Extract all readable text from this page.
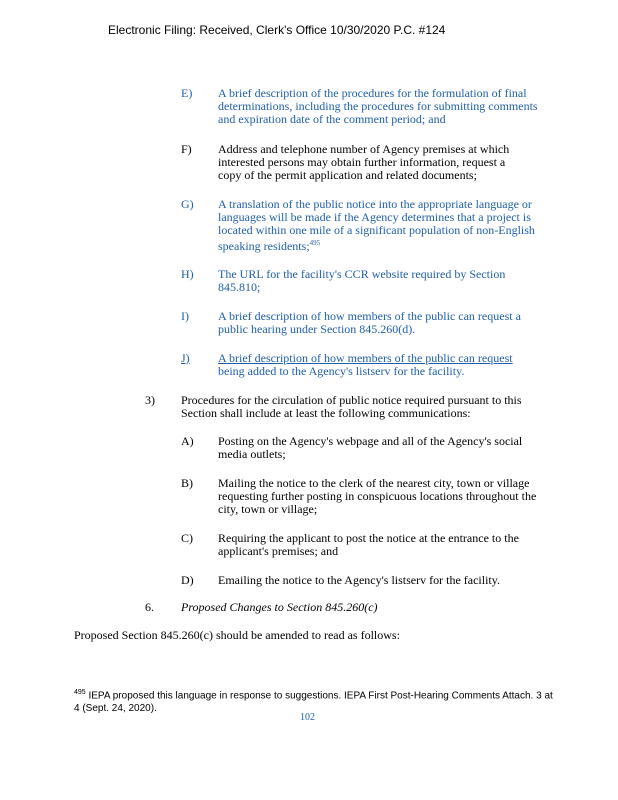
Electronic Filing: Received, Clerk's Office 10/30/2020 P.C. #124
E) A brief description of the procedures for the formulation of final
determinations, including the procedures for submitting comments
and expiration date of the comment period; and
F) Address and telephone number of Agency premises at which
interested persons may obtain further information, request a
copy of the permit application and related documents;
G) A translation of the public notice into the appropriate language or
languages will be made if the Agency determines that a project is
located within one mile of a significant population of non-English
speaking residents;$^{495}$
H) The URL for the facility's CCR website required by Section
845.810;
I) A brief description of how members of the public can request a
public hearing under Section 845.260(d).
J) A brief description of how members of the public can request
being added to the Agency's listserv for the facility.
3) Procedures for the circulation of public notice required pursuant to this
Section shall include at least the following communications:
A) Posting on the Agency's webpage and all of the Agency's social
media outlets;
B) Mailing the notice to the clerk of the nearest city, town or village
requesting further posting in conspicuous locations throughout the
city, town or village;
C) Requiring the applicant to post the notice at the entrance to the
applicant's premises; and
D) Emailing the notice to the Agency's listserv for the facility.
6. Proposed Changes to Section 845.260(c)
Proposed Section 845.260(c) should be amended to read as follows:
$^{495}$ IEPA proposed this language in response to suggestions. IEPA First Post-Hearing Comments Attach. 3 at 4 (Sept. 24, 2020).
102
